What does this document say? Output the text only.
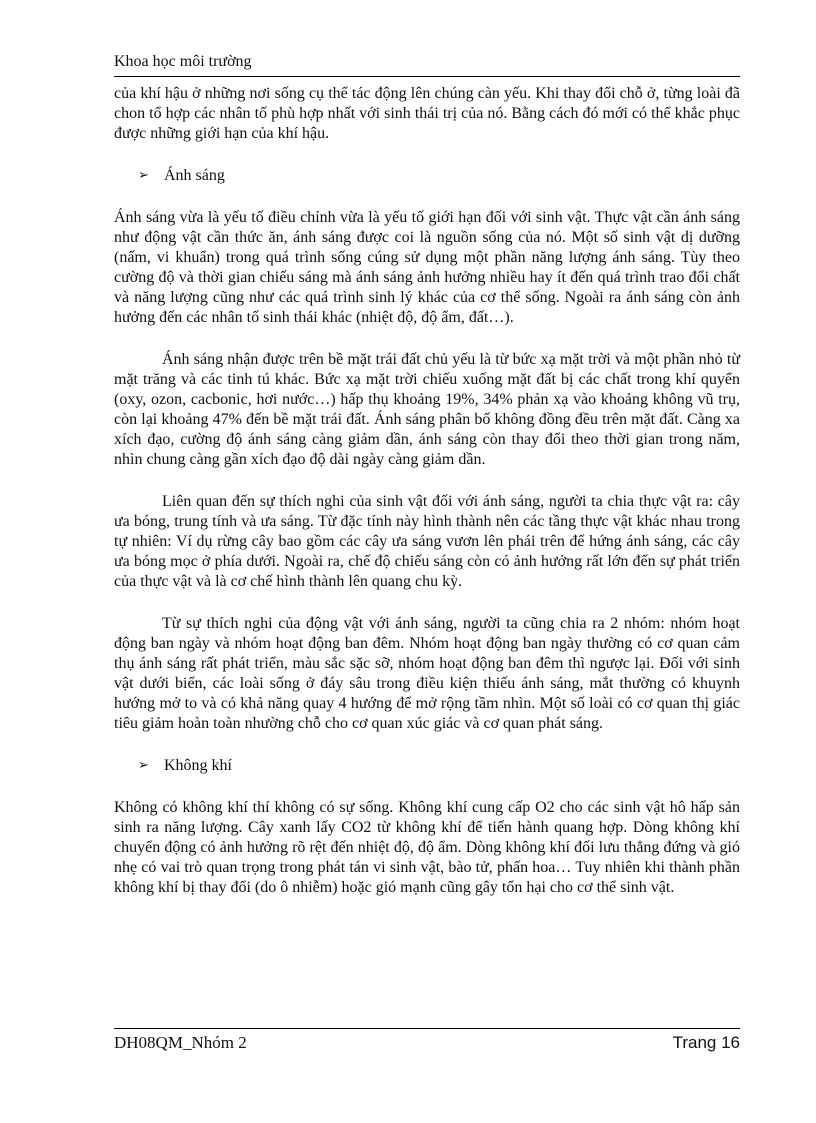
Khoa học môi trường

của khí hậu ở những nơi sống cụ thể tác động lên chúng càn yếu. Khi thay đổi chỗ ở, từng loài đã chon tổ hợp các nhân tố phù hợp nhất với sinh thái trị của nó. Bằng cách đó mới có thể khắc phục được những giới hạn của khí hậu.

➢ Ánh sáng

Ánh sáng vừa là yếu tố điều chỉnh vừa là yếu tố giới hạn đối với sinh vật. Thực vật cần ánh sáng như động vật cần thức ăn, ánh sáng được coi là nguồn sống của nó. Một số sinh vật dị dưỡng (nấm, vi khuẩn) trong quá trình sống cúng sử dụng một phần năng lượng ánh sáng. Tùy theo cường độ và thời gian chiếu sáng mà ánh sáng ảnh hưởng nhiều hay ít đến quá trình trao đổi chất và năng lượng cũng như các quá trình sinh lý khác của cơ thể sống. Ngoài ra ánh sáng còn ảnh hưởng đến các nhân tố sinh thái khác (nhiệt độ, độ ẩm, đất…).

Ánh sáng nhận được trên bề mặt trái đất chủ yếu là từ bức xạ mặt trời và một phần nhỏ từ mặt trăng và các tinh tú khác. Bức xạ mặt trời chiếu xuống mặt đất bị các chất trong khí quyển (oxy, ozon, cacbonic, hơi nước…) hấp thụ khoảng 19%, 34% phản xạ vào khoảng không vũ trụ, còn lại khoảng 47% đến bề mặt trái đất. Ánh sáng phân bố không đồng đều trên mặt đất. Càng xa xích đạo, cường độ ánh sáng càng giảm dần, ánh sáng còn thay đổi theo thời gian trong năm, nhìn chung càng gần xích đạo độ dài ngày càng giảm dần.

Liên quan đến sự thích nghi của sinh vật đối với ánh sáng, người ta chia thực vật ra: cây ưa bóng, trung tính và ưa sáng. Từ đặc tính này hình thành nên các tầng thực vật khác nhau trong tự nhiên: Ví dụ rừng cây bao gồm các cây ưa sáng vươn lên phái trên để hứng ánh sáng, các cây ưa bóng mọc ở phía dưới. Ngoài ra, chế độ chiếu sáng còn có ảnh hưởng rất lớn đến sự phát triển của thực vật và là cơ chế hình thành lên quang chu kỳ.

Từ sự thích nghi của động vật với ánh sáng, người ta cũng chia ra 2 nhóm: nhóm hoạt động ban ngày và nhóm hoạt động ban đêm. Nhóm hoạt động ban ngày thường có cơ quan cảm thụ ánh sáng rất phát triển, màu sắc sặc sỡ, nhóm hoạt động ban đêm thì ngược lại. Đối với sinh vật dưới biển, các loài sống ở đáy sâu trong điều kiện thiếu ánh sáng, mắt thường có khuynh hướng mở to và có khả năng quay 4 hướng để mở rộng tầm nhìn. Một số loài có cơ quan thị giác tiêu giảm hoàn toàn nhường chỗ cho cơ quan xúc giác và cơ quan phát sáng.

➢ Không khí

Không có không khí thí không có sự sống. Không khí cung cấp O2 cho các sinh vật hô hấp sản sinh ra năng lượng. Cây xanh lấy CO2 từ không khí để tiến hành quang hợp. Dòng không khí chuyển động có ảnh hưởng rõ rệt đến nhiệt độ, độ ẩm. Dòng không khí đối lưu thẳng đứng và gió nhẹ có vai trò quan trọng trong phát tán vi sinh vật, bào tử, phấn hoa… Tuy nhiên khi thành phần không khí bị thay đổi (do ô nhiễm) hoặc gió mạnh cũng gây tổn hại cho cơ thể sinh vật.

DH08QM_Nhóm 2	Trang 16
